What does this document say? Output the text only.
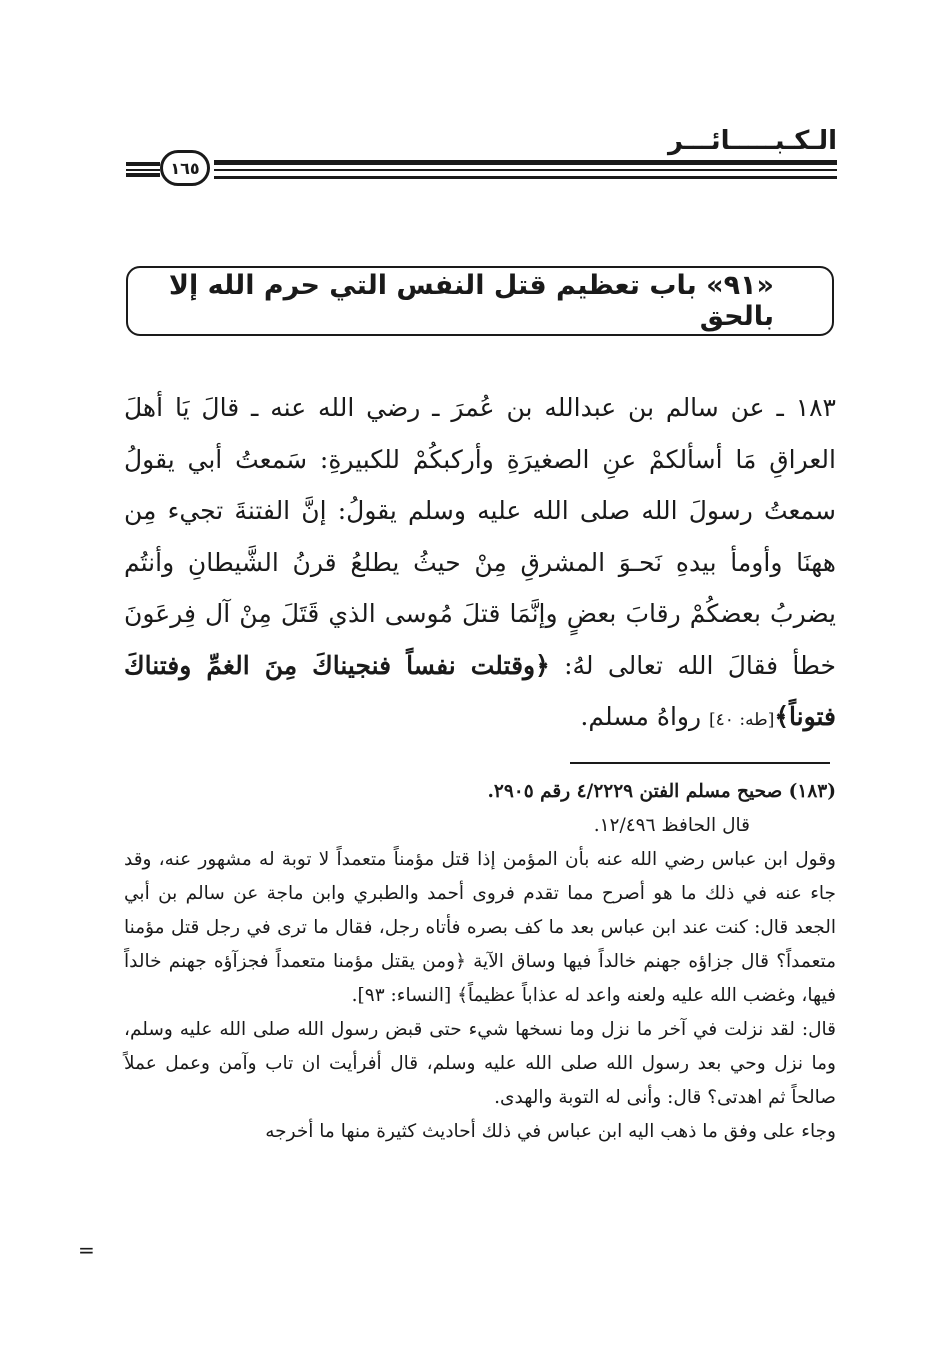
الـكـبـــــائـــر
١٦٥
«٩١» باب تعظيم قتل النفس التي حرم الله إلا بالحق

١٨٣ ـ عن سالم بن عبدالله بن عُمرَ ـ رضي الله عنه ـ قالَ يَا أهلَ العراقِ مَا أسألكمْ عنِ الصغيرَةِ وأركبكُمْ للكبيرةِ: سَمعتُ أبي يقولُ سمعتُ رسولَ الله صلى الله عليه وسلم يقولُ: إنَّ الفتنةَ تجيء مِن ههنَا وأومأ بيدهِ نَحـوَ المشرقِ مِنْ حيثُ يطلعُ قرنُ الشَّيطانِ وأنتُم يضربُ بعضكُمْ رقابَ بعضٍ وإنَّمَا قتلَ مُوسى الذي قَتَلَ مِنْ آل فِرعَونَ خطأ فقالَ الله تعالى لهُ: ﴿وقتلت نفساً فنجيناكَ مِنَ الغمِّ وفتناكَ فتوناً﴾[طه: ٤٠] رواهُ مسلم.

(١٨٣) صحيح مسلم الفتن ٤/٢٢٢٩ رقم ٢٩٠٥.

قال الحافظ ١٢/٤٩٦.

وقول ابن عباس رضي الله عنه بأن المؤمن إذا قتل مؤمناً متعمداً لا توبة له مشهور عنه، وقد جاء عنه في ذلك ما هو أصرح مما تقدم فروى أحمد والطبري وابن ماجة عن سالم بن أبي الجعد قال: كنت عند ابن عباس بعد ما كف بصره فأتاه رجل، فقال ما ترى في رجل قتل مؤمنا متعمداً؟ قال جزاؤه جهنم خالداً فيها وساق الآية ﴿ومن يقتل مؤمنا متعمداً فجزآؤه جهنم خالداً فيها، وغضب الله عليه ولعنه واعد له عذاباً عظيماً﴾ [النساء: ٩٣].

قال: لقد نزلت في آخر ما نزل وما نسخها شيء حتى قبض رسول الله صلى الله عليه وسلم، وما نزل وحي بعد رسول الله صلى الله عليه وسلم، قال أفرأيت ان تاب وآمن وعمل عملاً صالحاً ثم اهدتى؟ قال: وأنى له التوبة والهدى.

وجاء على وفق ما ذهب اليه ابن عباس في ذلك أحاديث كثيرة منها ما أخرجه

=
